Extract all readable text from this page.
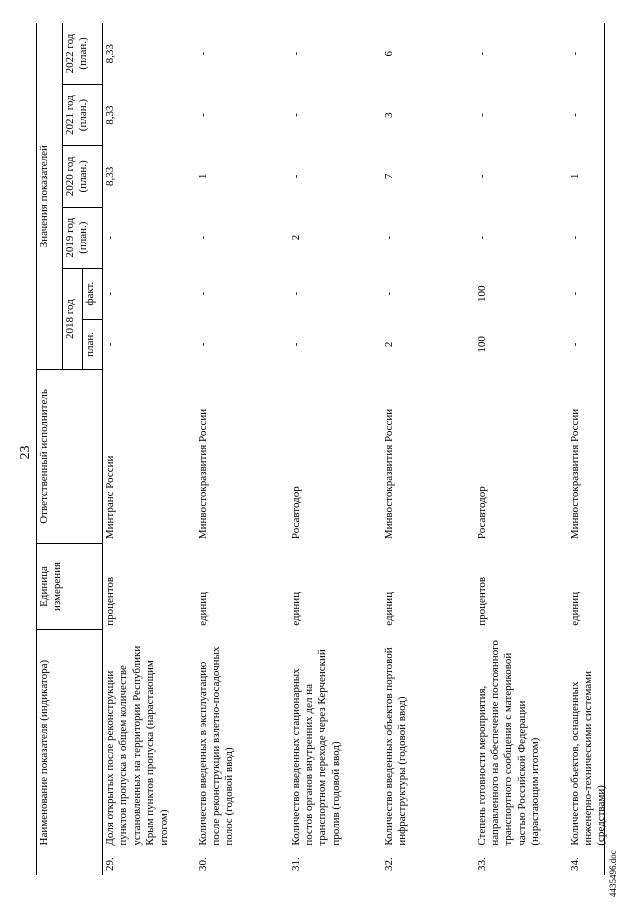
23
Наименование показателя (индикатора)		Единица измерения	Ответственный исполнитель	Значения показателей					
				2018 год		2019 год (план.)	2020 год (план.)	2021 год (план.)	2022 год (план.)
				план.	факт.				
29.	Доля открытых после реконструкции пунктов пропуска в общем количестве установленных на территории Республики Крым пунктов пропуска (нарастающим итогом)	процентов	Минтранс России	-	-	-	8,33	8,33	8,33
30.	Количество введенных в эксплуатацию после реконструкции взлетно-посадочных полос (годовой ввод)	единиц	Минвостокразвития России	-	-	-	1	-	-
31.	Количество введенных стационарных постов органов внутренних дел на транспортном переходе через Керченский пролив (годовой ввод)	единиц	Росавтодор	-	-	2	-	-	-
32.	Количество введенных объектов портовой инфраструктуры (годовой ввод)	единиц	Минвостокразвития России	2	-	-	7	3	6
33.	Степень готовности мероприятия, направленного на обеспечение постоянного транспортного сообщения с материковой частью Российской Федерации (нарастающим итогом)	процентов	Росавтодор	100	100	-	-	-	-
34.	Количество объектов, оснащенных инженерно-техническими системами (средствами)	единиц	Минвостокразвития России	-	-	-	1	-	-
4435496.doc
